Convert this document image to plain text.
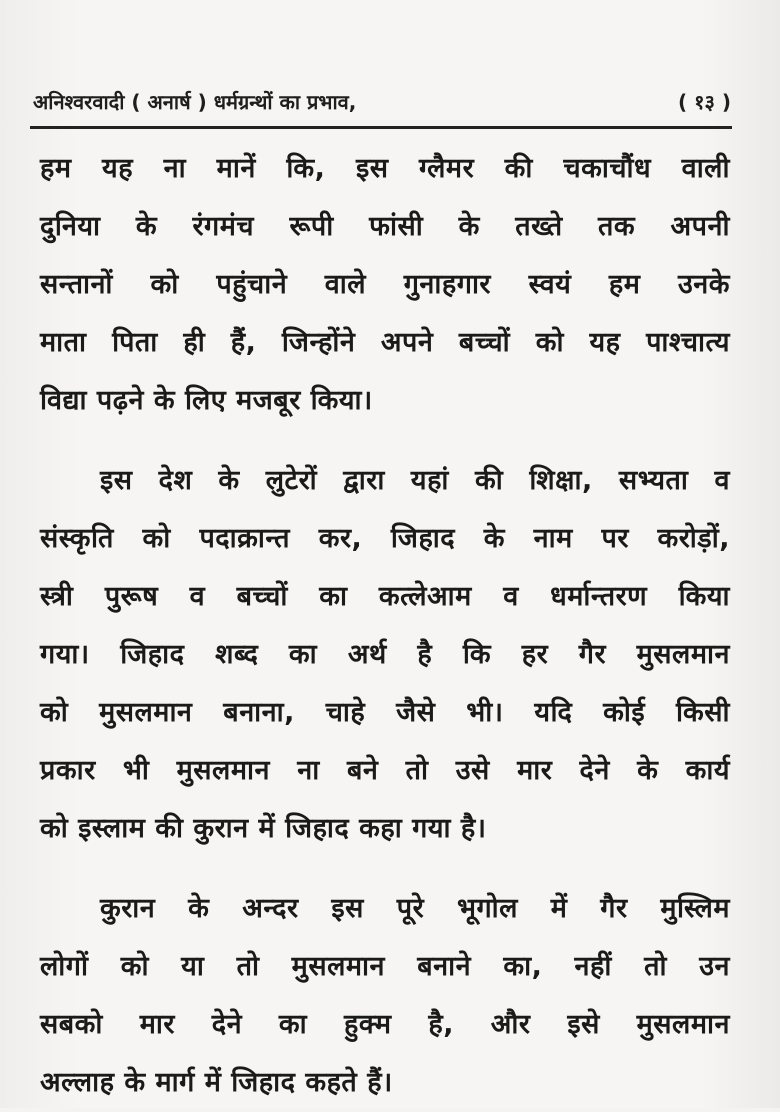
अनिश्वरवादी ( अनार्ष ) धर्मग्रन्थों का प्रभाव,	( १३ )
हम यह ना मानें कि, इस ग्लैमर की चकाचौंध वाली
दुनिया के रंगमंच रूपी फांसी के तख्ते तक अपनी
सन्तानों को पहुंचाने वाले गुनाहगार स्वयं हम उनके
माता पिता ही हैं, जिन्होंने अपने बच्चों को यह पाश्चात्य
विद्या पढ़ने के लिए मजबूर किया।
इस देश के लुटेरों द्वारा यहां की शिक्षा, सभ्यता व
संस्कृति को पदाक्रान्त कर, जिहाद के नाम पर करोड़ों,
स्त्री पुरूष व बच्चों का कत्लेआम व धर्मान्तरण किया
गया। जिहाद शब्द का अर्थ है कि हर गैर मुसलमान
को मुसलमान बनाना, चाहे जैसे भी। यदि कोई किसी
प्रकार भी मुसलमान ना बने तो उसे मार देने के कार्य
को इस्लाम की कुरान में जिहाद कहा गया है।
कुरान के अन्दर इस पूरे भूगोल में गैर मुस्लिम
लोगों को या तो मुसलमान बनाने का, नहीं तो उन
सबको मार देने का हुक्म है, और इसे मुसलमान
अल्लाह के मार्ग में जिहाद कहते हैं।
